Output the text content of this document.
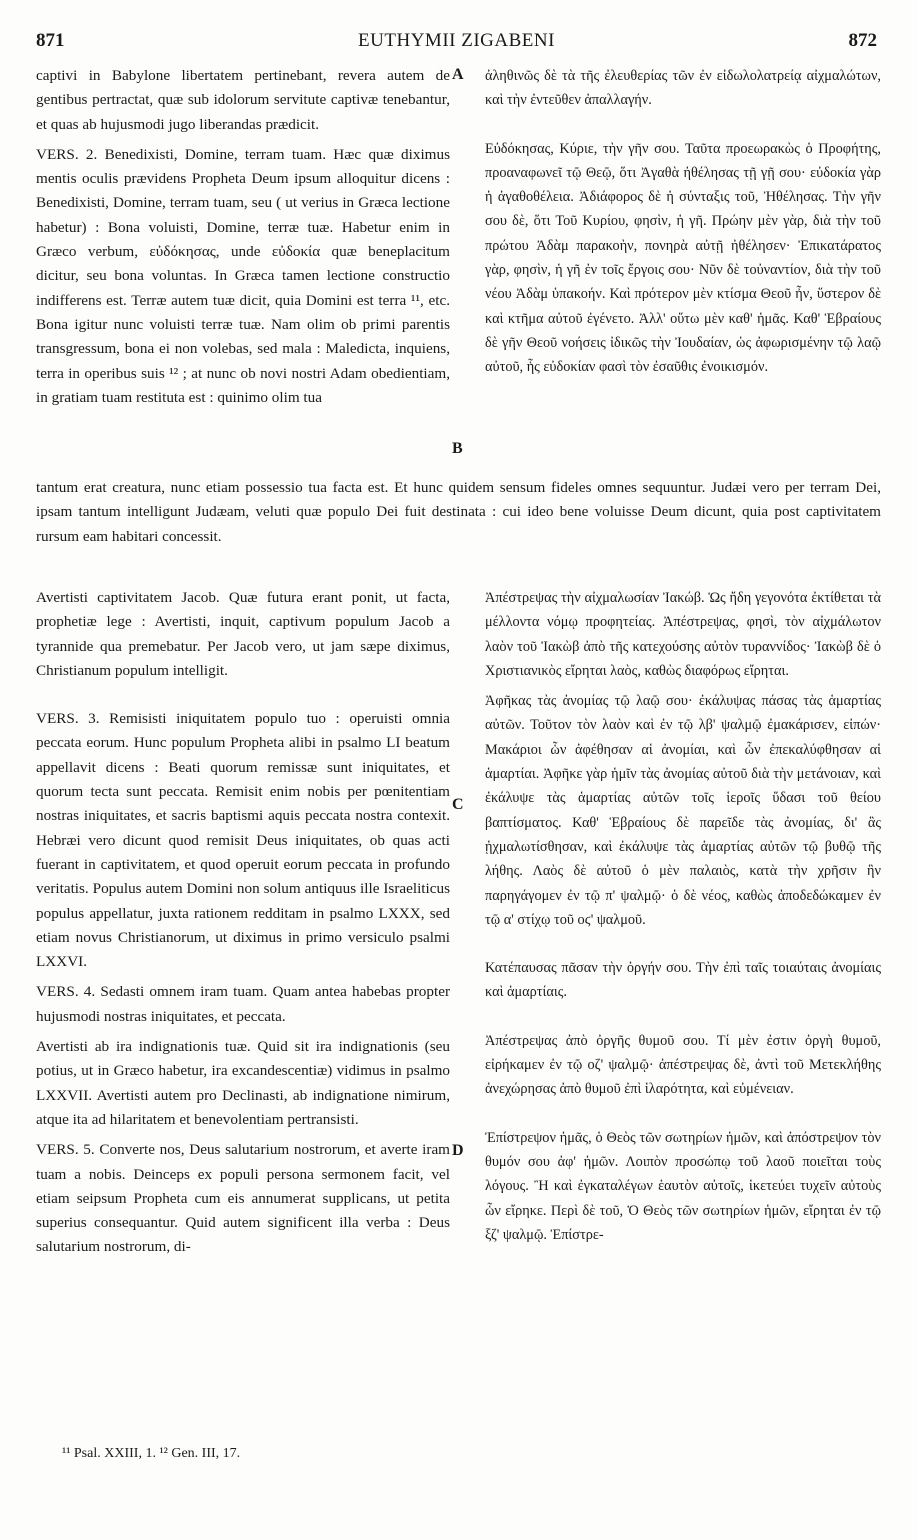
871	EUTHYMII ZIGABENI	872
A
B
C
D

captivi in Babylone libertatem pertinebant, revera autem de gentibus pertractat, quæ sub idolorum servitute captivæ tenebantur, et quas ab hujusmodi jugo liberandas prædicit.

VERS. 2. Benedixisti, Domine, terram tuam. Hæc quæ diximus mentis oculis prævidens Propheta Deum ipsum alloquitur dicens : Benedixisti, Domine, terram tuam, seu ( ut verius in Græca lectione habetur) : Bona voluisti, Domine, terræ tuæ. Habetur enim in Græco verbum, εὐδόκησας, unde εὐδοκία quæ beneplacitum dicitur, seu bona voluntas. In Græca tamen lectione constructio indifferens est. Terræ autem tuæ dicit, quia Domini est terra ¹¹, etc. Bona igitur nunc voluisti terræ tuæ. Nam olim ob primi parentis transgressum, bona ei non volebas, sed mala : Maledicta, inquiens, terra in operibus suis ¹² ; at nunc ob novi nostri Adam obedientiam, in gratiam tuam restituta est : quinimo olim tua

ἀληθινῶς δὲ τὰ τῆς ἐλευθερίας τῶν ἐν εἰδωλολατρείᾳ αἰχμαλώτων, καὶ τὴν ἐντεῦθεν ἀπαλλαγήν.

Εὐδόκησας, Κύριε, τὴν γῆν σου. Ταῦτα προεωρακὼς ὁ Προφήτης, προαναφωνεῖ τῷ Θεῷ, ὅτι Ἀγαθὰ ἠθέλησας τῇ γῇ σου· εὐδοκία γὰρ ἡ ἀγαθοθέλεια. Ἀδιάφορος δὲ ἡ σύνταξις τοῦ, Ἠθέλησας. Τὴν γῆν σου δὲ, ὅτι Τοῦ Κυρίου, φησὶν, ἡ γῆ. Πρώην μὲν γὰρ, διὰ τὴν τοῦ πρώτου Ἀδὰμ παρακοὴν, πονηρὰ αὐτῇ ἠθέλησεν· Ἐπικατάρατος γὰρ, φησὶν, ἡ γῆ ἐν τοῖς ἔργοις σου· Νῦν δὲ τοὐναντίον, διὰ τὴν τοῦ νέου Ἀδὰμ ὑπακοήν. Καὶ πρότερον μὲν κτίσμα Θεοῦ ἦν, ὕστερον δὲ καὶ κτῆμα αὐτοῦ ἐγένετο. Ἀλλ' οὕτω μὲν καθ' ἡμᾶς. Καθ' Ἑβραίους δὲ γῆν Θεοῦ νοήσεις ἰδικῶς τὴν Ἰουδαίαν, ὡς ἀφωρισμένην τῷ λαῷ αὐτοῦ, ἧς εὐδοκίαν φασὶ τὸν ἐσαῦθις ἐνοικισμόν.

tantum erat creatura, nunc etiam possessio tua facta est. Et hunc quidem sensum fideles omnes sequuntur. Judæi vero per terram Dei, ipsam tantum intelligunt Judæam, veluti quæ populo Dei fuit destinata : cui ideo bene voluisse Deum dicunt, quia post captivitatem rursum eam habitari concessit.

Avertisti captivitatem Jacob. Quæ futura erant ponit, ut facta, prophetiæ lege : Avertisti, inquit, captivum populum Jacob a tyrannide qua premebatur. Per Jacob vero, ut jam sæpe diximus, Christianum populum intelligit.

VERS. 3. Remisisti iniquitatem populo tuo : operuisti omnia peccata eorum. Hunc populum Propheta alibi in psalmo LI beatum appellavit dicens : Beati quorum remissæ sunt iniquitates, et quorum tecta sunt peccata. Remisit enim nobis per pœnitentiam nostras iniquitates, et sacris baptismi aquis peccata nostra contexit. Hebræi vero dicunt quod remisit Deus iniquitates, ob quas acti fuerant in captivitatem, et quod operuit eorum peccata in profundo veritatis. Populus autem Domini non solum antiquus ille Israeliticus populus appellatur, juxta rationem redditam in psalmo LXXX, sed etiam novus Christianorum, ut diximus in primo versiculo psalmi LXXVI.

VERS. 4. Sedasti omnem iram tuam. Quam antea habebas propter hujusmodi nostras iniquitates, et peccata.

Avertisti ab ira indignationis tuæ. Quid sit ira indignationis (seu potius, ut in Græco habetur, ira excandescentiæ) vidimus in psalmo LXXVII. Avertisti autem pro Declinasti, ab indignatione nimirum, atque ita ad hilaritatem et benevolentiam pertransisti.

VERS. 5. Converte nos, Deus salutarium nostrorum, et averte iram tuam a nobis. Deinceps ex populi persona sermonem facit, vel etiam seipsum Propheta cum eis annumerat supplicans, ut petita superius consequantur. Quid autem significent illa verba : Deus salutarium nostrorum, di-

Ἀπέστρεψας τὴν αἰχμαλωσίαν Ἰακώβ. Ὡς ἤδη γεγονότα ἐκτίθεται τὰ μέλλοντα νόμῳ προφητείας. Ἀπέστρεψας, φησὶ, τὸν αἰχμάλωτον λαὸν τοῦ Ἰακὼβ ἀπὸ τῆς κατεχούσης αὐτὸν τυραννίδος· Ἰακὼβ δὲ ὁ Χριστιανικὸς εἴρηται λαὸς, καθὼς διαφόρως εἴρηται.

Ἀφῆκας τὰς ἀνομίας τῷ λαῷ σου· ἐκάλυψας πάσας τὰς ἁμαρτίας αὐτῶν. Τοῦτον τὸν λαὸν καὶ ἐν τῷ λβ' ψαλμῷ ἐμακάρισεν, εἰπών· Μακάριοι ὧν ἀφέθησαν αἱ ἀνομίαι, καὶ ὧν ἐπεκαλύφθησαν αἱ ἁμαρτίαι. Ἀφῆκε γὰρ ἡμῖν τὰς ἀνομίας αὐτοῦ διὰ τὴν μετάνοιαν, καὶ ἐκάλυψε τὰς ἁμαρτίας αὐτῶν τοῖς ἱεροῖς ὕδασι τοῦ θείου βαπτίσματος. Καθ' Ἑβραίους δὲ παρεῖδε τὰς ἀνομίας, δι' ἃς ᾐχμαλωτίσθησαν, καὶ ἐκάλυψε τὰς ἁμαρτίας αὐτῶν τῷ βυθῷ τῆς λήθης. Λαὸς δὲ αὐτοῦ ὁ μὲν παλαιὸς, κατὰ τὴν χρῆσιν ἣν παρηγάγομεν ἐν τῷ π' ψαλμῷ· ὁ δὲ νέος, καθὼς ἀποδεδώκαμεν ἐν τῷ α' στίχῳ τοῦ οϛ' ψαλμοῦ.

Κατέπαυσας πᾶσαν τὴν ὀργήν σου. Τὴν ἐπὶ ταῖς τοιαύταις ἀνομίαις καὶ ἁμαρτίαις.

Ἀπέστρεψας ἀπὸ ὀργῆς θυμοῦ σου. Τί μὲν ἐστιν ὀργὴ θυμοῦ, εἰρήκαμεν ἐν τῷ οζ' ψαλμῷ· ἀπέστρεψας δὲ, ἀντὶ τοῦ Μετεκλήθης ἀνεχώρησας ἀπὸ θυμοῦ ἐπὶ ἱλαρότητα, καὶ εὐμένειαν.

Ἐπίστρεψον ἡμᾶς, ὁ Θεὸς τῶν σωτηρίων ἡμῶν, καὶ ἀπόστρεψον τὸν θυμόν σου ἀφ' ἡμῶν. Λοιπὸν προσώπῳ τοῦ λαοῦ ποιεῖται τοὺς λόγους. Ἢ καὶ ἐγκαταλέγων ἑαυτὸν αὐτοῖς, ἱκετεύει τυχεῖν αὐτοὺς ὧν εἴρηκε. Περὶ δὲ τοῦ, Ὁ Θεὸς τῶν σωτηρίων ἡμῶν, εἴρηται ἐν τῷ ξζ' ψαλμῷ. Ἐπίστρε-

¹¹ Psal. XXIII, 1. ¹² Gen. III, 17.
